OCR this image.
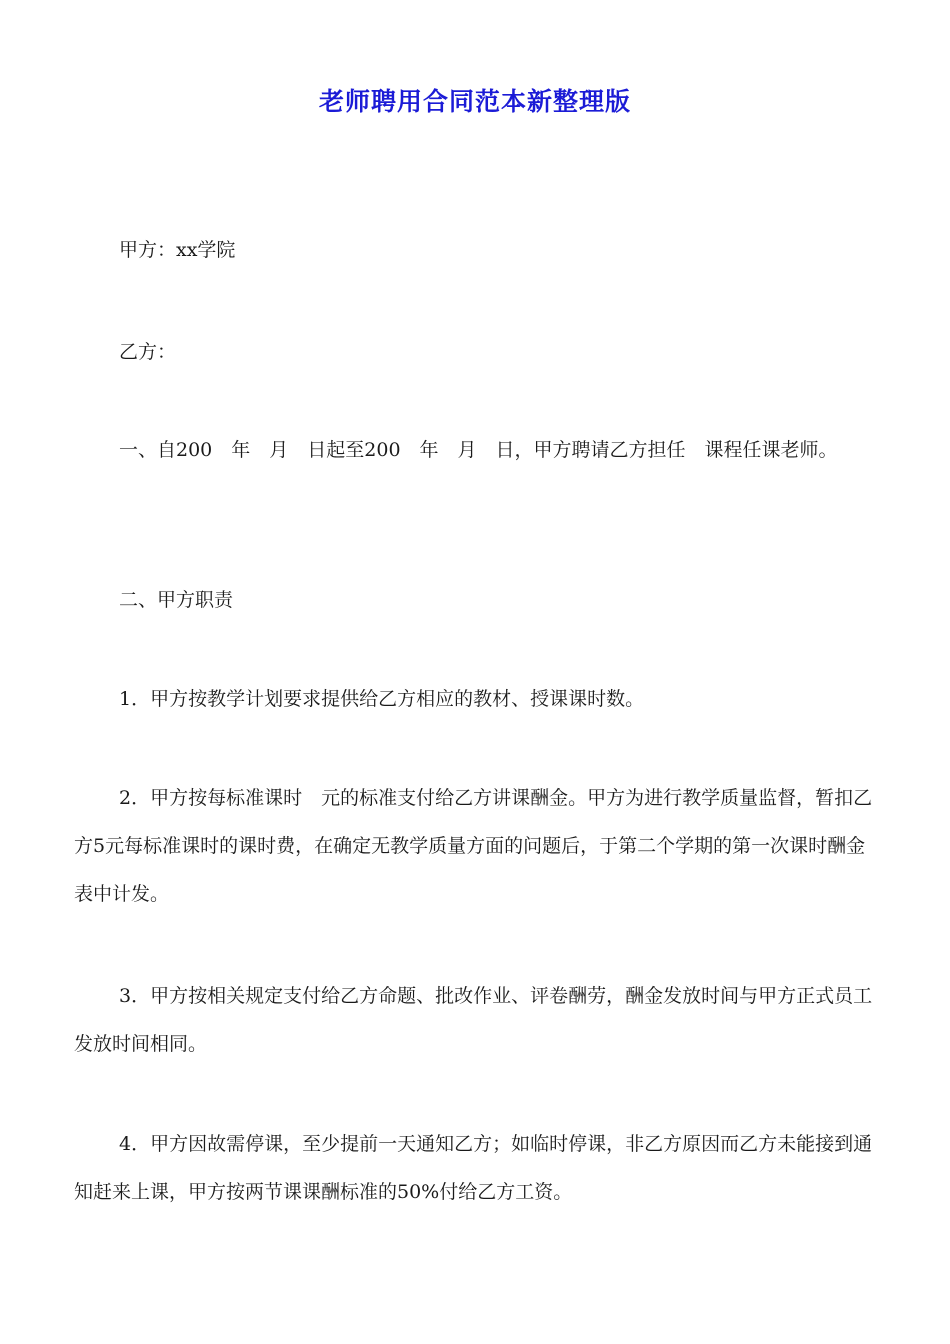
老师聘用合同范本新整理版

甲方：xx学院

乙方：

一、自200　年　月　日起至200　年　月　日，甲方聘请乙方担任　课程任课老师。

二、甲方职责

1．甲方按教学计划要求提供给乙方相应的教材、授课课时数。

2．甲方按每标准课时　元的标准支付给乙方讲课酬金。甲方为进行教学质量监督，暂扣乙方5元每标准课时的课时费，在确定无教学质量方面的问题后，于第二个学期的第一次课时酬金表中计发。

3．甲方按相关规定支付给乙方命题、批改作业、评卷酬劳，酬金发放时间与甲方正式员工发放时间相同。

4．甲方因故需停课，至少提前一天通知乙方；如临时停课，非乙方原因而乙方未能接到通知赶来上课，甲方按两节课课酬标准的50%付给乙方工资。
